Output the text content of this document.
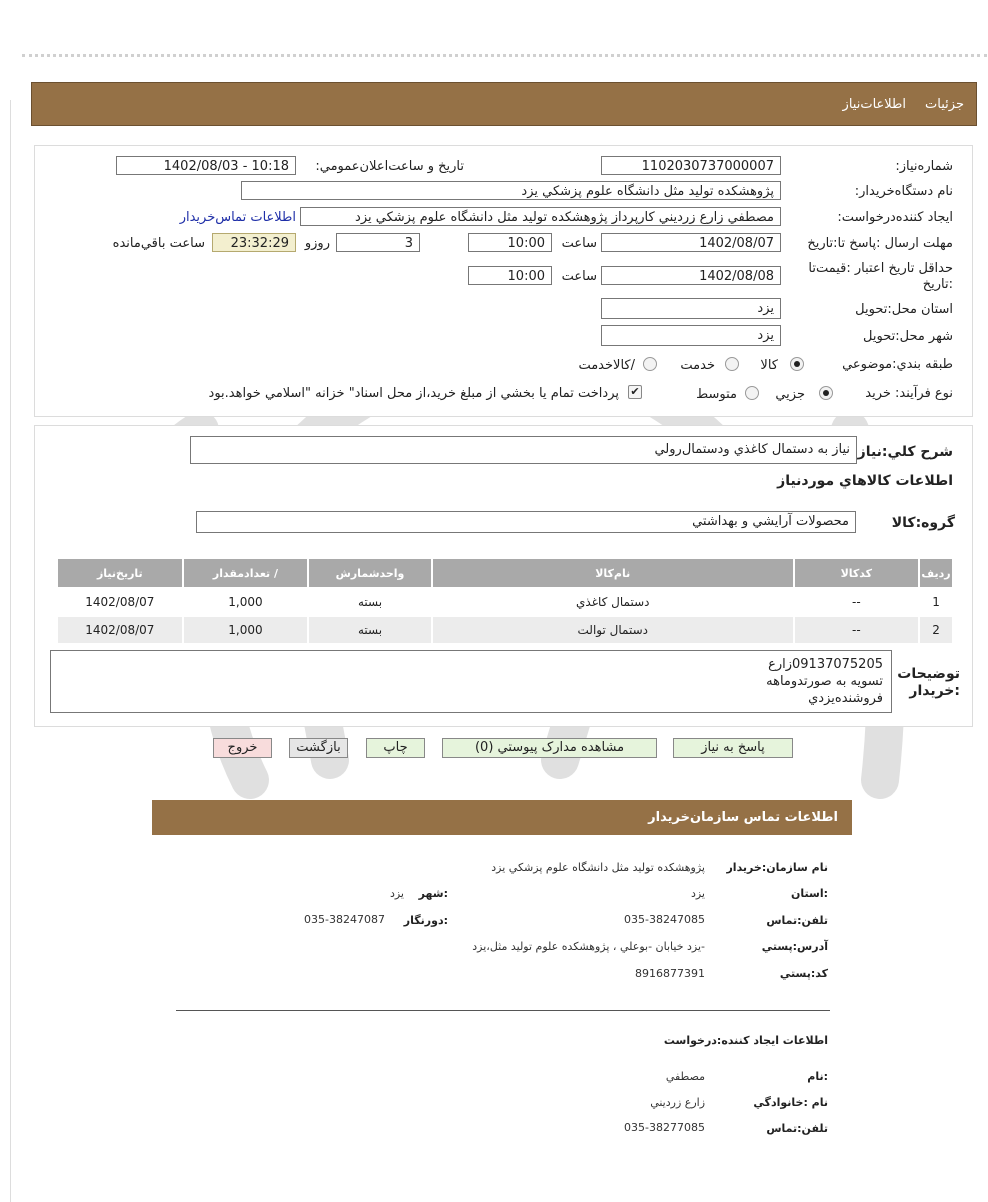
جزئيات
اطلاعات‌نياز
شماره‌نياز:
1102030737000007
تاريخ و ساعت‌اعلان‌عمومي:
1402/08/03 - 10:18
نام دستگاه‌خريدار:
پژوهشکده توليد مثل دانشگاه علوم پزشکي يزد
ايجاد کننده‌درخواست:
مصطفي زارع زرديني کارپرداز پژوهشکده توليد مثل دانشگاه علوم پزشکي يزد
اطلاعات تماس‌خريدار
مهلت ارسال :پاسخ تا:تاريخ
1402/08/07
ساعت
10:00
3
روزو
23:32:29
ساعت باقي‌مانده
حداقل تاريخ اعتبار :قيمت‌تا :تاريخ
1402/08/08
ساعت
10:00
استان محل:تحويل
يزد
شهر محل:تحويل
يزد
طبقه بندي:موضوعي
کالا
خدمت
/کالاخدمت
نوع فرآيند: خريد
جزيي
متوسط
✔
پرداخت تمام يا بخشي از مبلغ خريد،از محل اسناد" خزانه "اسلامي خواهد.بود
شرح کلي:نياز
نياز به دستمال کاغذي ودستمال‌رولي
اطلاعات کالاهاي موردنياز
گروه:کالا
محصولات آرايشي و بهداشتي
رديف	کدکالا	نام‌کالا	واحدشمارش	/ تعدادمقدار	تاريخ‌نياز
1	--	دستمال کاغذي	بسته	1,000	1402/08/07
2	--	دستمال توالت	بسته	1,000	1402/08/07
توضيحات :خريدار
09137075205زارع
تسويه به صورتدوماهه
فروشنده‌يزدي
پاسخ به نياز
مشاهده مدارک پيوستي (0)
چاپ
بازگشت
خروج
اطلاعات تماس سازمان‌خريدار
نام سازمان:خريدار
پژوهشکده توليد مثل دانشگاه علوم پزشکي يزد
:استان
يزد
:شهر
يزد
تلفن:تماس
035-38247085
:دورنگار
035-38247087
آدرس:پستي
-يزد خيابان -بوعلي ، پژوهشکده علوم توليد مثل،يزد
کد:پستي
8916877391
اطلاعات ايجاد کننده:درخواست
:نام
مصطفي
نام :خانوادگي
زارع زرديني
تلفن:تماس
035-38277085
